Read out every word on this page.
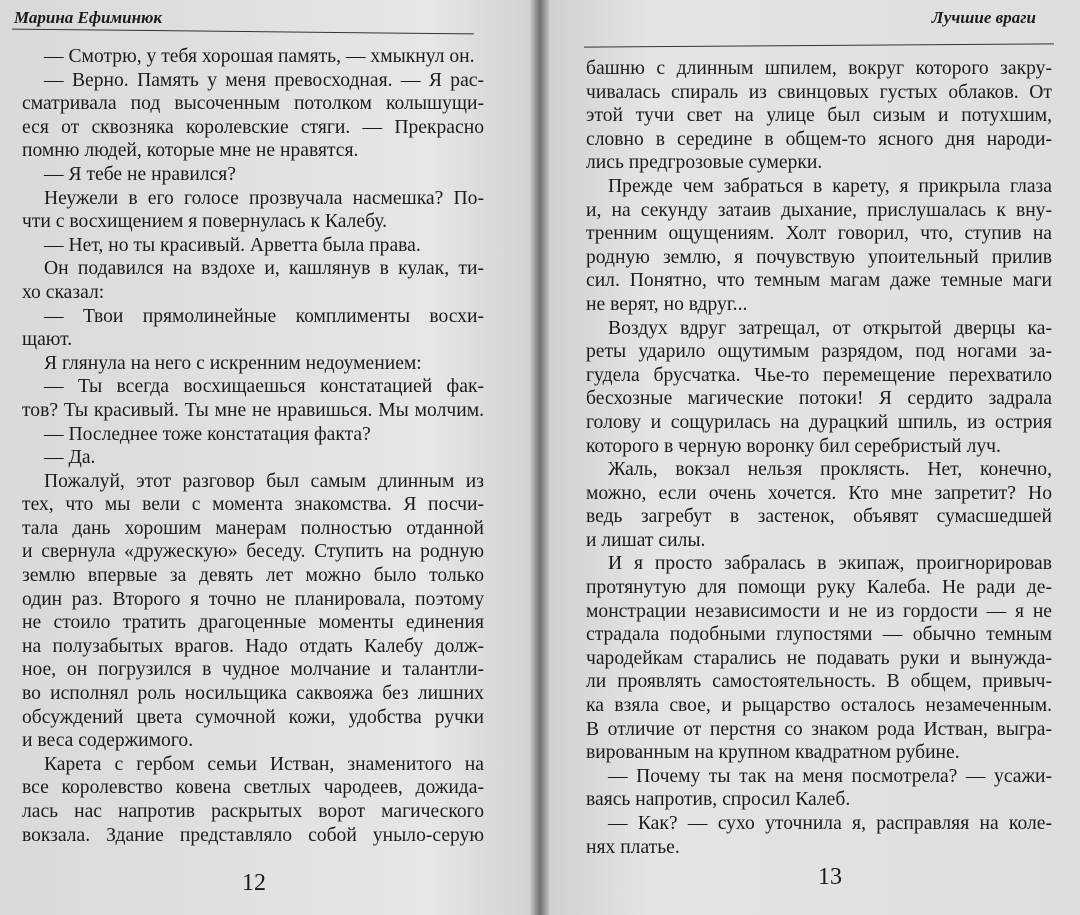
Марина Ефиминюк
— Смотрю, у тебя хорошая память, — хмыкнул он.
— Верно. Память у меня превосходная. — Я рас-
сматривала под высоченным потолком колышущи-
еся от сквозняка королевские стяги. — Прекрасно
помню людей, которые мне не нравятся.
— Я тебе не нравился?
Неужели в его голосе прозвучала насмешка? По-
чти с восхищением я повернулась к Калебу.
— Нет, но ты красивый. Арветта была права.
Он подавился на вздохе и, кашлянув в кулак, ти-
хо сказал:
— Твои прямолинейные комплименты восхи-
щают.
Я глянула на него с искренним недоумением:
— Ты всегда восхищаешься констатацией фак-
тов? Ты красивый. Ты мне не нравишься. Мы молчим.
— Последнее тоже констатация факта?
— Да.
Пожалуй, этот разговор был самым длинным из
тех, что мы вели с момента знакомства. Я посчи-
тала дань хорошим манерам полностью отданной
и свернула «дружескую» беседу. Ступить на родную
землю впервые за девять лет можно было только
один раз. Второго я точно не планировала, поэтому
не стоило тратить драгоценные моменты единения
на полузабытых врагов. Надо отдать Калебу долж-
ное, он погрузился в чудное молчание и талантли-
во исполнял роль носильщика саквояжа без лишних
обсуждений цвета сумочной кожи, удобства ручки
и веса содержимого.
Карета с гербом семьи Истван, знаменитого на
все королевство ковена светлых чародеев, дожида-
лась нас напротив раскрытых ворот магического
вокзала. Здание представляло собой уныло-серую
12
Лучшие враги
башню с длинным шпилем, вокруг которого закру-
чивалась спираль из свинцовых густых облаков. От
этой тучи свет на улице был сизым и потухшим,
словно в середине в общем-то ясного дня народи-
лись предгрозовые сумерки.
Прежде чем забраться в карету, я прикрыла глаза
и, на секунду затаив дыхание, прислушалась к вну-
тренним ощущениям. Холт говорил, что, ступив на
родную землю, я почувствую упоительный прилив
сил. Понятно, что темным магам даже темные маги
не верят, но вдруг...
Воздух вдруг затрещал, от открытой дверцы ка-
реты ударило ощутимым разрядом, под ногами за-
гудела брусчатка. Чье-то перемещение перехватило
бесхозные магические потоки! Я сердито задрала
голову и сощурилась на дурацкий шпиль, из острия
которого в черную воронку бил серебристый луч.
Жаль, вокзал нельзя проклясть. Нет, конечно,
можно, если очень хочется. Кто мне запретит? Но
ведь загребут в застенок, объявят сумасшедшей
и лишат силы.
И я просто забралась в экипаж, проигнорировав
протянутую для помощи руку Калеба. Не ради де-
монстрации независимости и не из гордости — я не
страдала подобными глупостями — обычно темным
чародейкам старались не подавать руки и вынужда-
ли проявлять самостоятельность. В общем, привыч-
ка взяла свое, и рыцарство осталось незамеченным.
В отличие от перстня со знаком рода Истван, выгра-
вированным на крупном квадратном рубине.
— Почему ты так на меня посмотрела? — усажи-
ваясь напротив, спросил Калеб.
— Как? — сухо уточнила я, расправляя на коле-
нях платье.
13
